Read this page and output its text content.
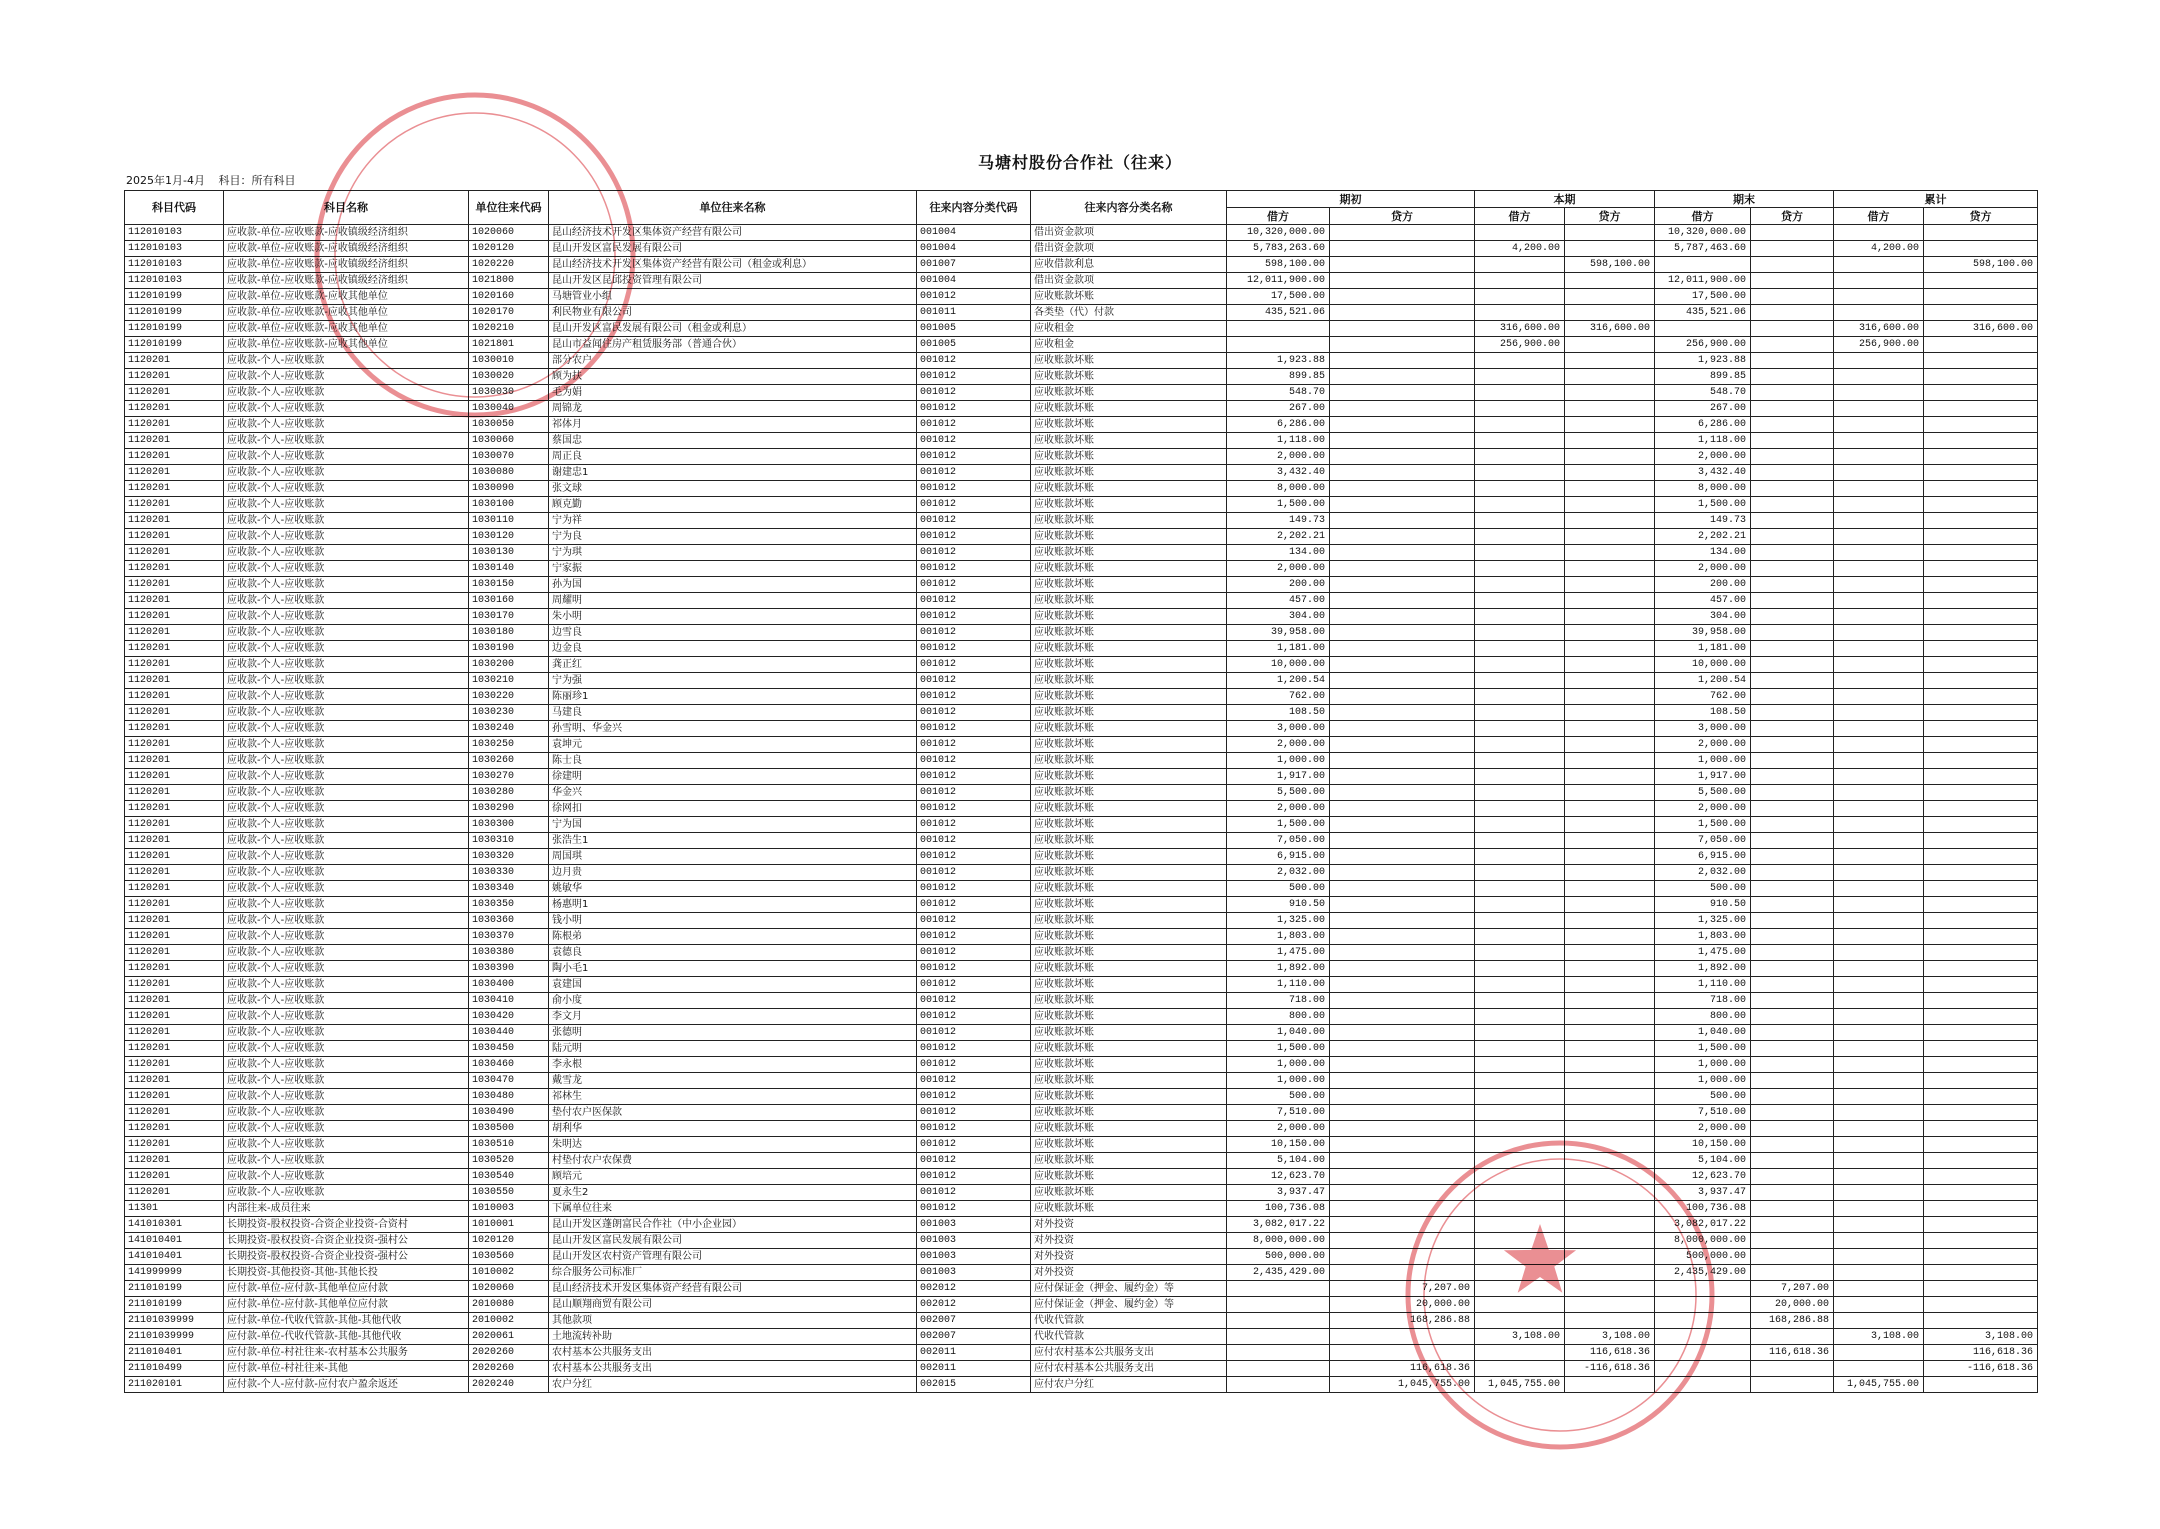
马塘村股份合作社（往来）
2025年1月-4月 科目：所有科目
科目代码	科目名称	单位往来代码	单位往来名称	往来内容分类代码	往来内容分类名称	期初		本期		期末		累计	
						借方	贷方	借方	贷方	借方	贷方	借方	贷方
112010103	应收款-单位-应收账款-应收镇级经济组织	1020060	昆山经济技术开发区集体资产经营有限公司	001004	借出资金款项	10,320,000.00				10,320,000.00			
112010103	应收款-单位-应收账款-应收镇级经济组织	1020120	昆山开发区富民发展有限公司	001004	借出资金款项	5,783,263.60		4,200.00		5,787,463.60		4,200.00	
112010103	应收款-单位-应收账款-应收镇级经济组织	1020220	昆山经济技术开发区集体资产经营有限公司（租金或利息）	001007	应收借款利息	598,100.00			598,100.00				598,100.00
112010103	应收款-单位-应收账款-应收镇级经济组织	1021800	昆山开发区昆邱投资管理有限公司	001004	借出资金款项	12,011,900.00				12,011,900.00			
112010199	应收款-单位-应收账款-应收其他单位	1020160	马塘管业小组	001012	应收账款坏账	17,500.00				17,500.00			
112010199	应收款-单位-应收账款-应收其他单位	1020170	利民物业有限公司	001011	各类垫（代）付款	435,521.06				435,521.06			
112010199	应收款-单位-应收账款-应收其他单位	1020210	昆山开发区富民发展有限公司（租金或利息）	001005	应收租金			316,600.00	316,600.00			316,600.00	316,600.00
112010199	应收款-单位-应收账款-应收其他单位	1021801	昆山市益闻住房产租赁服务部（普通合伙）	001005	应收租金			256,900.00		256,900.00		256,900.00	
1120201	应收款-个人-应收账款	1030010	部分农户	001012	应收账款坏账	1,923.88				1,923.88			
1120201	应收款-个人-应收账款	1030020	顾为扶	001012	应收账款坏账	899.85				899.85			
1120201	应收款-个人-应收账款	1030030	毛为娟	001012	应收账款坏账	548.70				548.70			
1120201	应收款-个人-应收账款	1030040	周锦龙	001012	应收账款坏账	267.00				267.00			
1120201	应收款-个人-应收账款	1030050	祁体月	001012	应收账款坏账	6,286.00				6,286.00			
1120201	应收款-个人-应收账款	1030060	蔡国忠	001012	应收账款坏账	1,118.00				1,118.00			
1120201	应收款-个人-应收账款	1030070	周正良	001012	应收账款坏账	2,000.00				2,000.00			
1120201	应收款-个人-应收账款	1030080	谢建忠1	001012	应收账款坏账	3,432.40				3,432.40			
1120201	应收款-个人-应收账款	1030090	张文球	001012	应收账款坏账	8,000.00				8,000.00			
1120201	应收款-个人-应收账款	1030100	顾克勤	001012	应收账款坏账	1,500.00				1,500.00			
1120201	应收款-个人-应收账款	1030110	宁为祥	001012	应收账款坏账	149.73				149.73			
1120201	应收款-个人-应收账款	1030120	宁为良	001012	应收账款坏账	2,202.21				2,202.21			
1120201	应收款-个人-应收账款	1030130	宁为琪	001012	应收账款坏账	134.00				134.00			
1120201	应收款-个人-应收账款	1030140	宁家振	001012	应收账款坏账	2,000.00				2,000.00			
1120201	应收款-个人-应收账款	1030150	孙为国	001012	应收账款坏账	200.00				200.00			
1120201	应收款-个人-应收账款	1030160	周耀明	001012	应收账款坏账	457.00				457.00			
1120201	应收款-个人-应收账款	1030170	朱小明	001012	应收账款坏账	304.00				304.00			
1120201	应收款-个人-应收账款	1030180	边雪良	001012	应收账款坏账	39,958.00				39,958.00			
1120201	应收款-个人-应收账款	1030190	边金良	001012	应收账款坏账	1,181.00				1,181.00			
1120201	应收款-个人-应收账款	1030200	龚正红	001012	应收账款坏账	10,000.00				10,000.00			
1120201	应收款-个人-应收账款	1030210	宁为强	001012	应收账款坏账	1,200.54				1,200.54			
1120201	应收款-个人-应收账款	1030220	陈丽珍1	001012	应收账款坏账	762.00				762.00			
1120201	应收款-个人-应收账款	1030230	马建良	001012	应收账款坏账	108.50				108.50			
1120201	应收款-个人-应收账款	1030240	孙雪明、华金兴	001012	应收账款坏账	3,000.00				3,000.00			
1120201	应收款-个人-应收账款	1030250	袁坤元	001012	应收账款坏账	2,000.00				2,000.00			
1120201	应收款-个人-应收账款	1030260	陈士良	001012	应收账款坏账	1,000.00				1,000.00			
1120201	应收款-个人-应收账款	1030270	徐建明	001012	应收账款坏账	1,917.00				1,917.00			
1120201	应收款-个人-应收账款	1030280	华金兴	001012	应收账款坏账	5,500.00				5,500.00			
1120201	应收款-个人-应收账款	1030290	徐网扣	001012	应收账款坏账	2,000.00				2,000.00			
1120201	应收款-个人-应收账款	1030300	宁为国	001012	应收账款坏账	1,500.00				1,500.00			
1120201	应收款-个人-应收账款	1030310	张浩生1	001012	应收账款坏账	7,050.00				7,050.00			
1120201	应收款-个人-应收账款	1030320	周国琪	001012	应收账款坏账	6,915.00				6,915.00			
1120201	应收款-个人-应收账款	1030330	边月贵	001012	应收账款坏账	2,032.00				2,032.00			
1120201	应收款-个人-应收账款	1030340	姚敏华	001012	应收账款坏账	500.00				500.00			
1120201	应收款-个人-应收账款	1030350	杨惠明1	001012	应收账款坏账	910.50				910.50			
1120201	应收款-个人-应收账款	1030360	钱小明	001012	应收账款坏账	1,325.00				1,325.00			
1120201	应收款-个人-应收账款	1030370	陈根弟	001012	应收账款坏账	1,803.00				1,803.00			
1120201	应收款-个人-应收账款	1030380	袁德良	001012	应收账款坏账	1,475.00				1,475.00			
1120201	应收款-个人-应收账款	1030390	陶小毛1	001012	应收账款坏账	1,892.00				1,892.00			
1120201	应收款-个人-应收账款	1030400	袁建国	001012	应收账款坏账	1,110.00				1,110.00			
1120201	应收款-个人-应收账款	1030410	俞小度	001012	应收账款坏账	718.00				718.00			
1120201	应收款-个人-应收账款	1030420	李文月	001012	应收账款坏账	800.00				800.00			
1120201	应收款-个人-应收账款	1030440	张德明	001012	应收账款坏账	1,040.00				1,040.00			
1120201	应收款-个人-应收账款	1030450	陆元明	001012	应收账款坏账	1,500.00				1,500.00			
1120201	应收款-个人-应收账款	1030460	李永根	001012	应收账款坏账	1,000.00				1,000.00			
1120201	应收款-个人-应收账款	1030470	戴雪龙	001012	应收账款坏账	1,000.00				1,000.00			
1120201	应收款-个人-应收账款	1030480	祁林生	001012	应收账款坏账	500.00				500.00			
1120201	应收款-个人-应收账款	1030490	垫付农户医保款	001012	应收账款坏账	7,510.00				7,510.00			
1120201	应收款-个人-应收账款	1030500	胡利华	001012	应收账款坏账	2,000.00				2,000.00			
1120201	应收款-个人-应收账款	1030510	朱明达	001012	应收账款坏账	10,150.00				10,150.00			
1120201	应收款-个人-应收账款	1030520	村垫付农户农保费	001012	应收账款坏账	5,104.00				5,104.00			
1120201	应收款-个人-应收账款	1030540	顾培元	001012	应收账款坏账	12,623.70				12,623.70			
1120201	应收款-个人-应收账款	1030550	夏永生2	001012	应收账款坏账	3,937.47				3,937.47			
11301	内部往来-成员往来	1010003	下属单位往来	001012	应收账款坏账	100,736.08				100,736.08			
141010301	长期投资-股权投资-合资企业投资-合资村	1010001	昆山开发区蓬朗富民合作社（中小企业园）	001003	对外投资	3,082,017.22				3,082,017.22			
141010401	长期投资-股权投资-合资企业投资-强村公	1020120	昆山开发区富民发展有限公司	001003	对外投资	8,000,000.00				8,000,000.00			
141010401	长期投资-股权投资-合资企业投资-强村公	1030560	昆山开发区农村资产管理有限公司	001003	对外投资	500,000.00				500,000.00			
141999999	长期投资-其他投资-其他-其他长投	1010002	综合服务公司标准厂	001003	对外投资	2,435,429.00				2,435,429.00			
211010199	应付款-单位-应付款-其他单位应付款	1020060	昆山经济技术开发区集体资产经营有限公司	002012	应付保证金（押金、履约金）等		7,207.00				7,207.00		
211010199	应付款-单位-应付款-其他单位应付款	2010080	昆山顺翔商贸有限公司	002012	应付保证金（押金、履约金）等		20,000.00				20,000.00		
21101039999	应付款-单位-代收代管款-其他-其他代收	2010002	其他款项	002007	代收代管款		168,286.88				168,286.88		
21101039999	应付款-单位-代收代管款-其他-其他代收	2020061	土地流转补助	002007	代收代管款			3,108.00	3,108.00			3,108.00	3,108.00
211010401	应付款-单位-村社往来-农村基本公共服务	2020260	农村基本公共服务支出	002011	应付农村基本公共服务支出				116,618.36		116,618.36		116,618.36
211010499	应付款-单位-村社往来-其他	2020260	农村基本公共服务支出	002011	应付农村基本公共服务支出		116,618.36		-116,618.36				-116,618.36
211020101	应付款-个人-应付款-应付农户盈余返还	2020240	农户分红	002015	应付农户分红		1,045,755.00	1,045,755.00				1,045,755.00	
